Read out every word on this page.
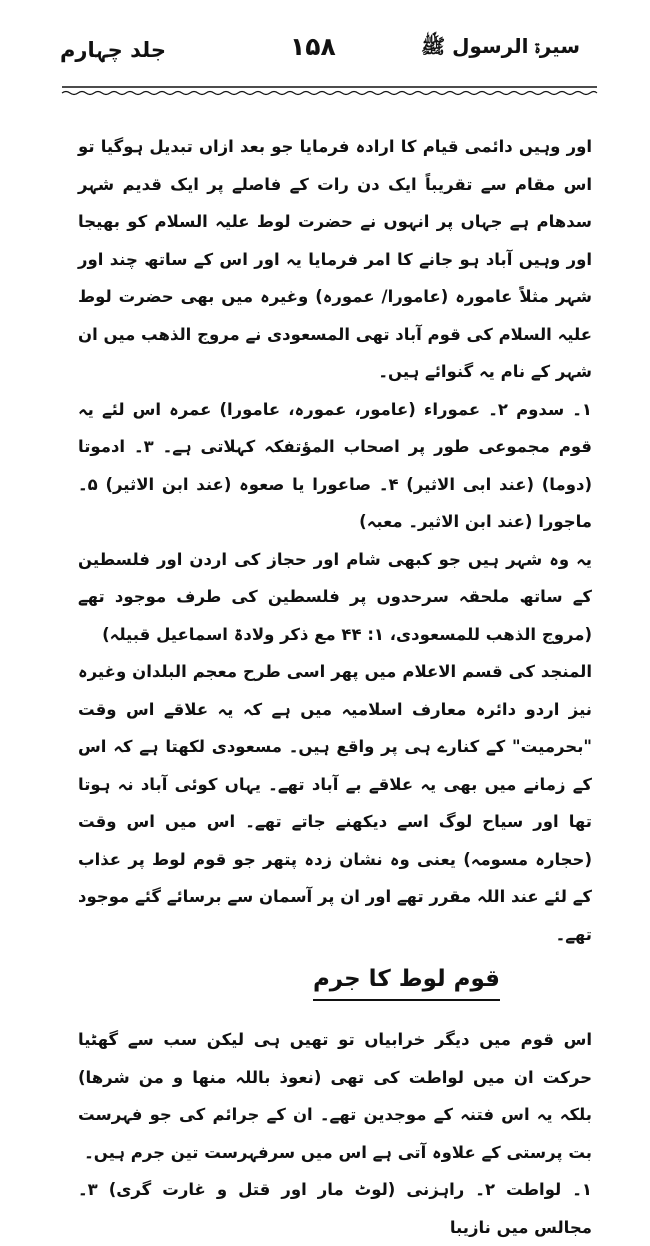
جلد چہارم	۱۵۸	سیرۃ الرسول ﷺ

اور وہیں دائمی قیام کا ارادہ فرمایا جو بعد ازاں تبدیل ہوگیا تو اس مقام سے تقریباً ایک دن رات کے فاصلے پر ایک قدیم شہر سدھام ہے جہاں پر انہوں نے حضرت لوط علیہ السلام کو بھیجا اور وہیں آباد ہو جانے کا امر فرمایا یہ اور اس کے ساتھ چند اور شہر مثلاً عامورہ (عامورا/ عمورہ) وغیرہ میں بھی حضرت لوط علیہ السلام کی قوم آباد تھی المسعودی نے مروج الذھب میں ان شہر کے نام یہ گنوائے ہیں۔

۱۔ سدوم ۲۔ عموراء (عامور، عمورہ، عامورا) عمرہ اس لئے یہ قوم مجموعی طور پر اصحاب المؤتفکہ کہلاتی ہے۔ ۳۔ ادموتا (دوما) (عند ابی الاثیر) ۴۔ صاعورا یا صعوہ (عند ابن الاثیر) ۵۔ ماجورا (عند ابن الاثیر۔ معبہ)

یہ وہ شہر ہیں جو کبھی شام اور حجاز کی اردن اور فلسطین کے ساتھ ملحقہ سرحدوں پر فلسطین کی طرف موجود تھے (مروج الذھب للمسعودی، ۱: ۴۴ مع ذکر ولادۃ اسماعیل قبیلہ)

المنجد کی قسم الاعلام میں پھر اسی طرح معجم البلدان وغیرہ نیز اردو دائرہ معارف اسلامیہ میں ہے کہ یہ علاقے اس وقت "بحرمیت" کے کنارے ہی پر واقع ہیں۔ مسعودی لکھتا ہے کہ اس کے زمانے میں بھی یہ علاقے بے آباد تھے۔ یہاں کوئی آباد نہ ہوتا تھا اور سیاح لوگ اسے دیکھنے جاتے تھے۔ اس میں اس وقت (حجارہ مسومہ) یعنی وہ نشان زدہ پتھر جو قوم لوط پر عذاب کے لئے عند اللہ مقرر تھے اور ان پر آسمان سے برسائے گئے موجود تھے۔

قوم لوط کا جرم

اس قوم میں دیگر خرابیاں تو تھیں ہی لیکن سب سے گھٹیا حرکت ان میں لواطت کی تھی (نعوذ باللہ منھا و من شرھا) بلکہ یہ اس فتنہ کے موجدین تھے۔ ان کے جرائم کی جو فہرست بت پرستی کے علاوہ آتی ہے اس میں سرفہرست تین جرم ہیں۔

۱۔ لواطت ۲۔ راہزنی (لوٹ مار اور قتل و غارت گری) ۳۔ مجالس میں نازیبا
